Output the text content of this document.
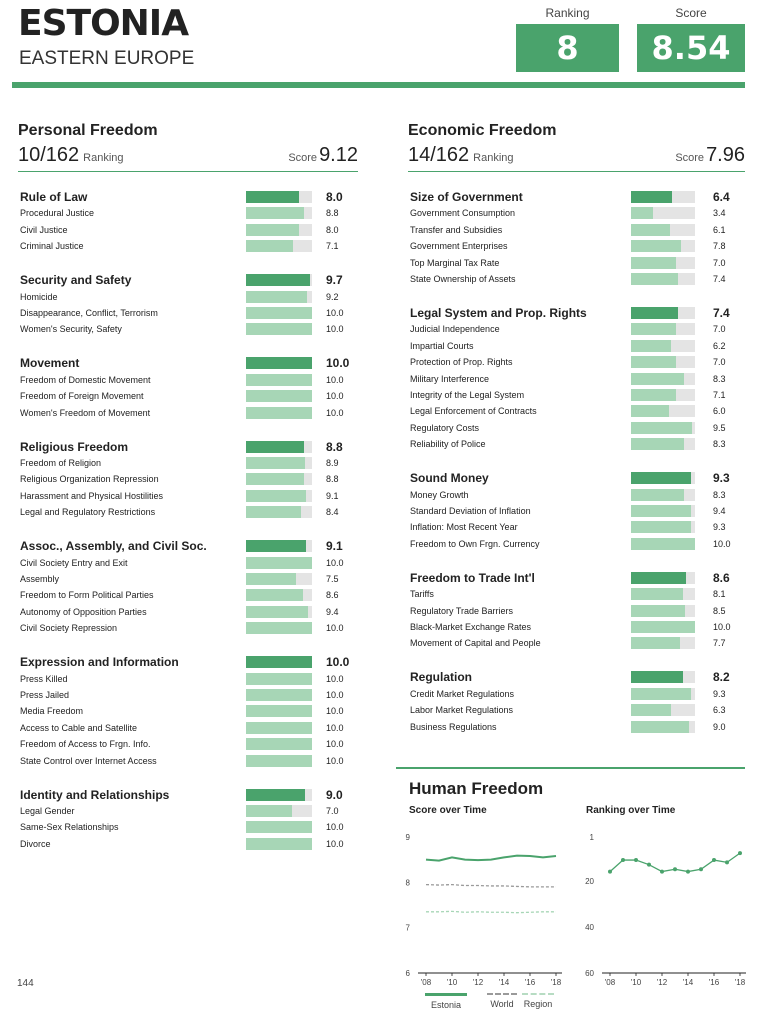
ESTONIA
EASTERN EUROPE
Ranking
8
Score
8.54
Personal Freedom
10/162 Ranking	Score 9.12
Rule of Law	8.0
Procedural Justice	8.8
Civil Justice	8.0
Criminal Justice	7.1
Security and Safety	9.7
Homicide	9.2
Disappearance, Conflict, Terrorism	10.0
Women's Security, Safety	10.0
Movement	10.0
Freedom of Domestic Movement	10.0
Freedom of Foreign Movement	10.0
Women's Freedom of Movement	10.0
Religious Freedom	8.8
Freedom of Religion	8.9
Religious Organization Repression	8.8
Harassment and Physical Hostilities	9.1
Legal and Regulatory Restrictions	8.4
Assoc., Assembly, and Civil Soc.	9.1
Civil Society Entry and Exit	10.0
Assembly	7.5
Freedom to Form Political Parties	8.6
Autonomy of Opposition Parties	9.4
Civil Society Repression	10.0
Expression and Information	10.0
Press Killed	10.0
Press Jailed	10.0
Media Freedom	10.0
Access to Cable and Satellite	10.0
Freedom of Access to Frgn. Info.	10.0
State Control over Internet Access	10.0
Identity and Relationships	9.0
Legal Gender	7.0
Same-Sex Relationships	10.0
Divorce	10.0
Economic Freedom
14/162 Ranking	Score 7.96
Size of Government	6.4
Government Consumption	3.4
Transfer and Subsidies	6.1
Government Enterprises	7.8
Top Marginal Tax Rate	7.0
State Ownership of Assets	7.4
Legal System and Prop. Rights	7.4
Judicial Independence	7.0
Impartial Courts	6.2
Protection of Prop. Rights	7.0
Military Interference	8.3
Integrity of the Legal System	7.1
Legal Enforcement of Contracts	6.0
Regulatory Costs	9.5
Reliability of Police	8.3
Sound Money	9.3
Money Growth	8.3
Standard Deviation of Inflation	9.4
Inflation: Most Recent Year	9.3
Freedom to Own Frgn. Currency	10.0
Freedom to Trade Int'l	8.6
Tariffs	8.1
Regulatory Trade Barriers	8.5
Black-Market Exchange Rates	10.0
Movement of Capital and People	7.7
Regulation	8.2
Credit Market Regulations	9.3
Labor Market Regulations	6.3
Business Regulations	9.0
Human Freedom
Score over Time	Ranking over Time
6
7
8
9
'08 '10 '12 '14 '16 '18
1
20
40
60
'08 '10 '12 '14 '16 '18
Estonia	World	Region
144
